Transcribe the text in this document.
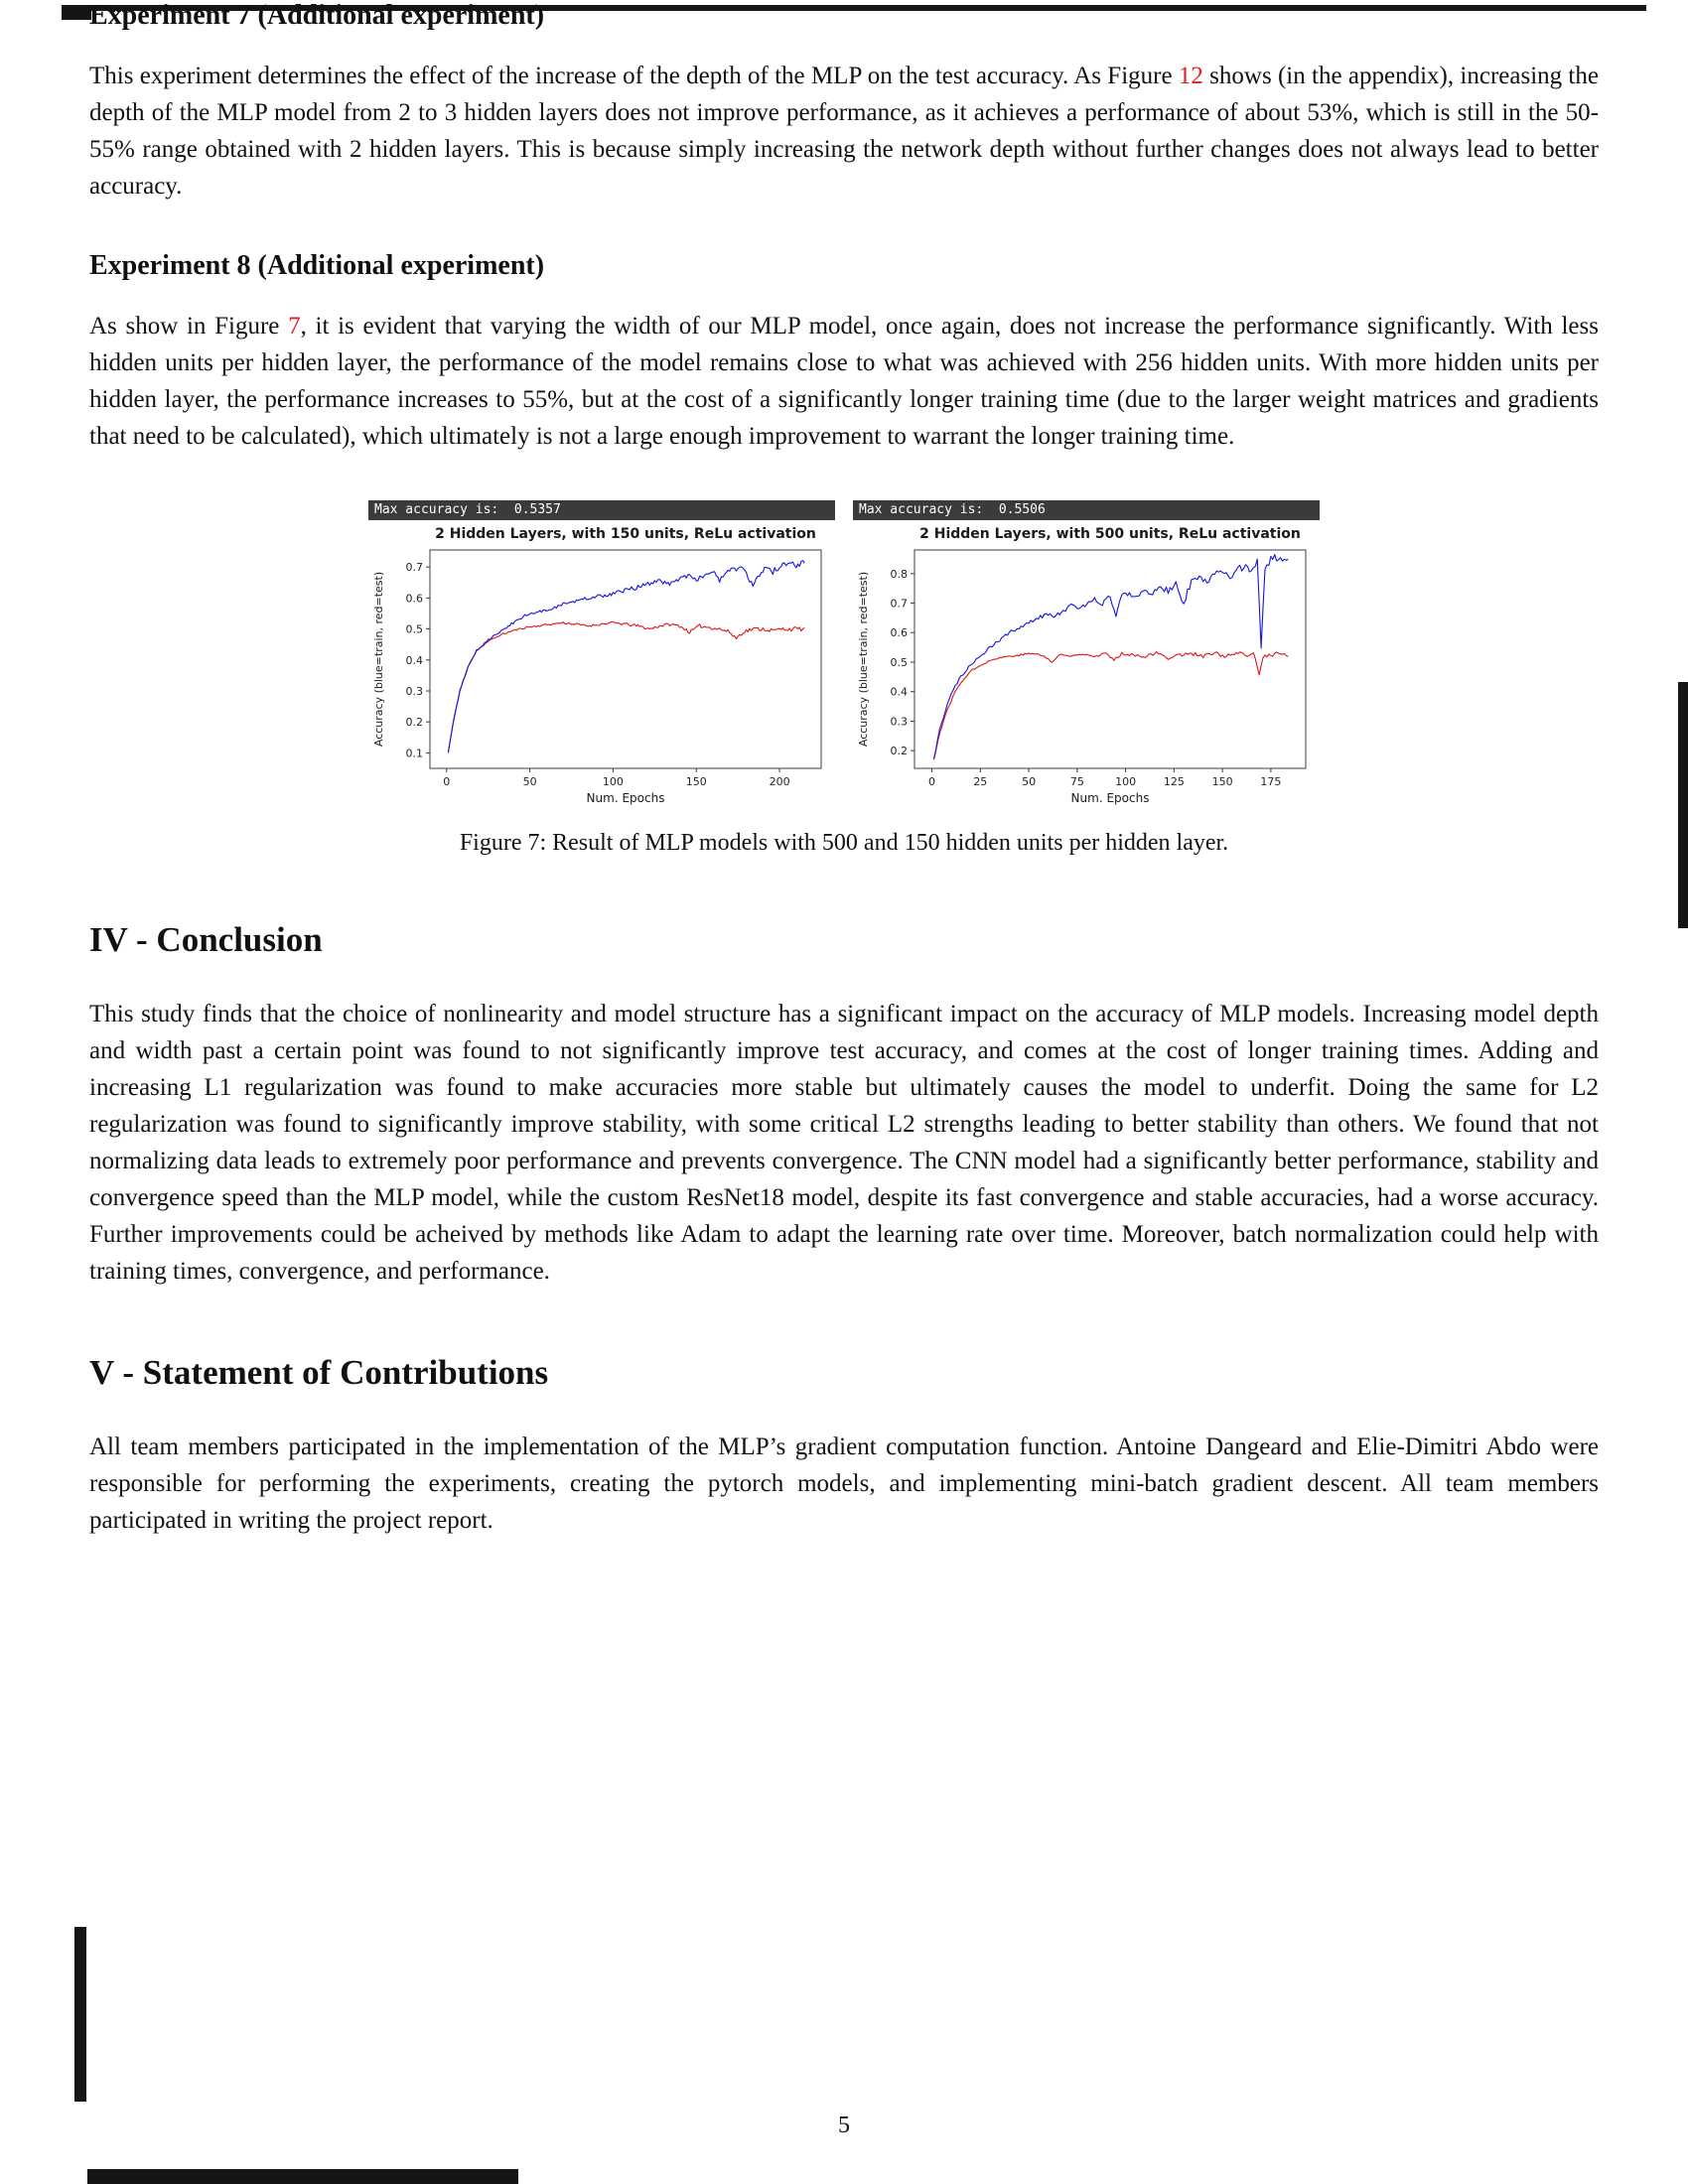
Experiment 7 (Additional experiment)

This experiment determines the effect of the increase of the depth of the MLP on the test accuracy. As Figure 12 shows (in the appendix), increasing the depth of the MLP model from 2 to 3 hidden layers does not improve performance, as it achieves a performance of about 53%, which is still in the 50-55% range obtained with 2 hidden layers. This is because simply increasing the network depth without further changes does not always lead to better accuracy.

Experiment 8 (Additional experiment)

As show in Figure 7, it is evident that varying the width of our MLP model, once again, does not increase the performance significantly. With less hidden units per hidden layer, the performance of the model remains close to what was achieved with 256 hidden units. With more hidden units per hidden layer, the performance increases to 55%, but at the cost of a significantly longer training time (due to the larger weight matrices and gradients that need to be calculated), which ultimately is not a large enough improvement to warrant the longer training time.

Max accuracy is:  0.5357
2 Hidden Layers, with 150 units, ReLu activation
0	50	100	150	200
0.1
0.2
0.3
0.4
0.5
0.6
0.7
Num. Epochs
Accuracy (blue=train, red=test)
Max accuracy is:  0.5506
2 Hidden Layers, with 500 units, ReLu activation
0	25	50	75	100	125	150	175
0.2
0.3
0.4
0.5
0.6
0.7
0.8
Num. Epochs
Accuracy (blue=train, red=test)
Figure 7: Result of MLP models with 500 and 150 hidden units per hidden layer.
IV - Conclusion

This study finds that the choice of nonlinearity and model structure has a significant impact on the accuracy of MLP models. Increasing model depth and width past a certain point was found to not significantly improve test accuracy, and comes at the cost of longer training times. Adding and increasing L1 regularization was found to make accuracies more stable but ultimately causes the model to underfit. Doing the same for L2 regularization was found to significantly improve stability, with some critical L2 strengths leading to better stability than others. We found that not normalizing data leads to extremely poor performance and prevents convergence. The CNN model had a significantly better performance, stability and convergence speed than the MLP model, while the custom ResNet18 model, despite its fast convergence and stable accuracies, had a worse accuracy. Further improvements could be acheived by methods like Adam to adapt the learning rate over time. Moreover, batch normalization could help with training times, convergence, and performance.

V - Statement of Contributions

All team members participated in the implementation of the MLP’s gradient computation function. Antoine Dangeard and Elie-Dimitri Abdo were responsible for performing the experiments, creating the pytorch models, and implementing mini-batch gradient descent. All team members participated in writing the project report.

5
